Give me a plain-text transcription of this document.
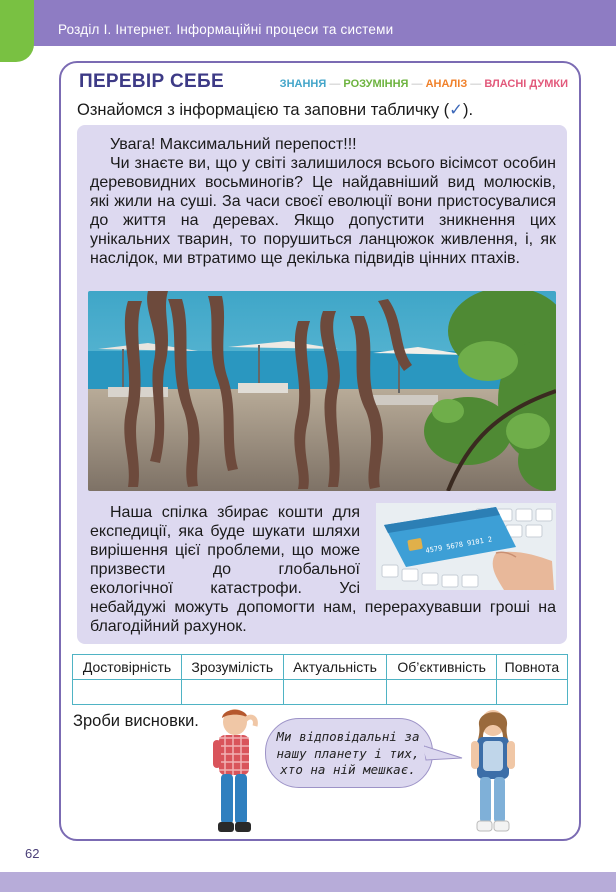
Розділ І. Інтернет. Інформаційні процеси та системи
ПЕРЕВІР СЕБЕ	ЗНАННЯ — РОЗУМІННЯ — АНАЛІЗ — ВЛАСНІ ДУМКИ
Ознайомся з інформацією та заповни табличку (✓).

Увага! Максимальний перепост!!!

Чи знаєте ви, що у світі залишилося всього вісімсот особин деревовидних восьминогів? Це найдавніший вид молюсків, які жили на суші. За часи своєї еволюції вони пристосувалися до життя на деревах. Якщо допустити зникнення цих унікальних тварин, то порушиться ланцюжок живлення, і, як наслідок, ми втратимо ще декілька підвидів цінних птахів.

4579 5678 9101 2

Наша спілка збирає кошти для експедиції, яка буде шукати шляхи вирішення цієї проблеми, що може призвести до глобальної екологічної катастрофи. Усі небайдужі можуть допомогти нам, перерахувавши гроші на благодійний рахунок.

Достовірність	Зрозумілість	Актуальність	Об’єктивність	Повнота

Зроби висновки.
Ми відповідальні за
нашу планету і тих,
хто на ній мешкає.
62
